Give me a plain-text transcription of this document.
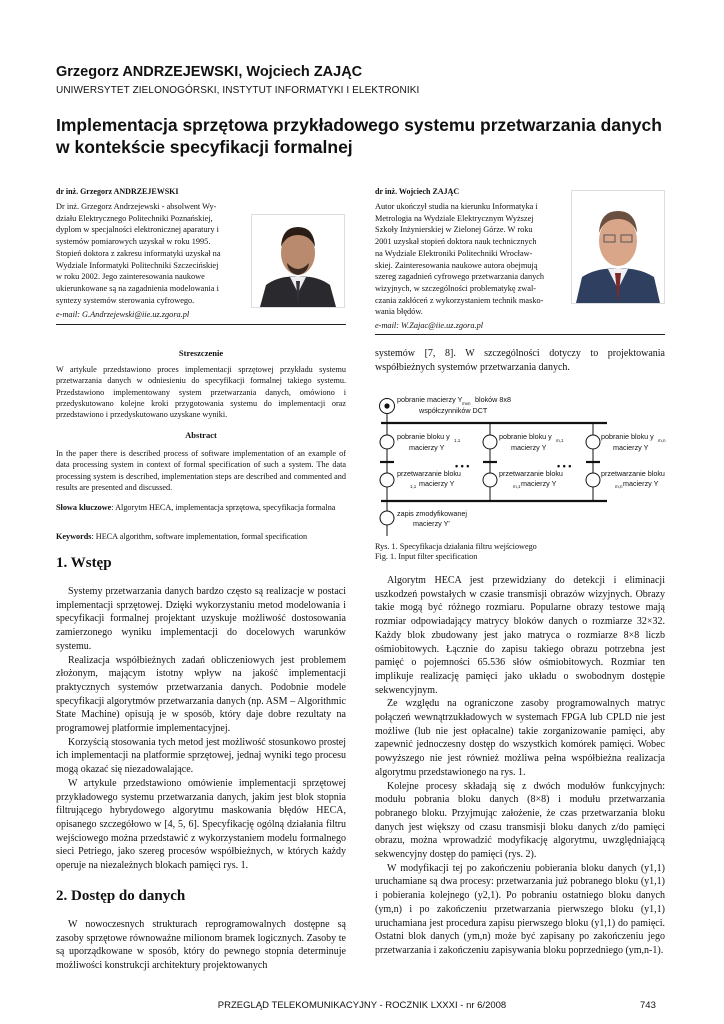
Grzegorz ANDRZEJEWSKI, Wojciech ZAJĄC
UNIWERSYTET ZIELONOGÓRSKI, INSTYTUT INFORMATYKI I ELEKTRONIKI
Implementacja sprzętowa przykładowego systemu przetwarzania danych
w kontekście specyfikacji formalnej
dr inż. Grzegorz ANDRZEJEWSKI
Dr inż. Grzegorz Andrzejewski - absolwent Wy-
działu Elektrycznego Politechniki Poznańskiej,
dyplom w specjalności elektronicznej aparatury i
systemów pomiarowych uzyskał w roku 1995.
Stopień doktora z zakresu informatyki uzyskał na
Wydziale Informatyki Politechniki Szczecińskiej
w roku 2002. Jego zainteresowania naukowe
ukierunkowane są na zagadnienia modelowania i
syntezy systemów sterowania cyfrowego.
e-mail: G.Andrzejewski@iie.uz.zgora.pl
dr inż. Wojciech ZAJĄC
Autor ukończył studia na kierunku Informatyka i
Metrologia na Wydziale Elektrycznym Wyższej
Szkoły Inżynierskiej w Zielonej Górze. W roku
2001 uzyskał stopień doktora nauk technicznych
na Wydziale Elektroniki Politechniki Wrocław-
skiej. Zainteresowania naukowe autora obejmują
szereg zagadnień cyfrowego przetwarzania danych
wizyjnych, w szczególności problematykę zwal-
czania zakłóceń z wykorzystaniem technik masko-
wania błędów.
e-mail: W.Zajac@iie.uz.zgora.pl
Streszczenie

W artykule przedstawiono proces implementacji sprzętowej przykładu systemu przetwarzania danych w odniesieniu do specyfikacji formalnej takiego systemu. Przedstawiono implementowany system przetwarzania danych, omówiono i przedyskutowano kolejne kroki przygotowania systemu do implementacji oraz przedstawiono i przedyskutowano uzyskane wyniki.

Abstract

In the paper there is described process of software implementation of an example of data processing system in context of formal specification of such a system. The data processing system is described, implementation steps are described and commented and results are presented and discussed.

Słowa kluczowe: Algorytm HECA, implementacja sprzętowa, specyfikacja formalna
Keywords: HECA algorithm, software implementation, formal specification
1. Wstęp

Systemy przetwarzania danych bardzo często są realizacje w postaci implementacji sprzętowej. Dzięki wykorzystaniu metod modelowania i specyfikacji formalnej projektant uzyskuje możliwość dostosowania zamierzonego wyniku implementacji do docelowych warunków systemu.

Realizacja współbieżnych zadań obliczeniowych jest problemem złożonym, mającym istotny wpływ na jakość implementacji praktycznych systemów przetwarzania danych. Podobnie modele specyfikacji algorytmów przetwarzania danych (np. ASM – Algorithmic State Machine) opisują je w sposób, który daje dobre rezultaty na programowej platformie implementacyjnej.

Korzyścią stosowania tych metod jest możliwość stosunkowo prostej ich implementacji na platformie sprzętowej, jednaj wyniki tego procesu mogą okazać się niezadowalające.

W artykule przedstawiono omówienie implementacji sprzętowej przykładowego systemu przetwarzania danych, jakim jest blok stopnia filtrującego hybrydowego algorytmu maskowania błędów HECA, opisanego szczegółowo w [4, 5, 6]. Specyfikację ogólną działania filtru wejściowego można przedstawić z wykorzystaniem modelu formalnego sieci Petriego, jako szereg procesów współbieżnych, w których każdy operuje na niezależnych blokach pamięci rys. 1.

2. Dostęp do danych

W nowoczesnych strukturach reprogramowalnych dostępne są zasoby sprzętowe równoważne milionom bramek logicznych. Zasoby te są uporządkowane w sposób, który do pewnego stopnia determinuje możliwości konstrukcji architektury projektowanych

systemów [7, 8]. W szczególności dotyczy to projektowania współbieżnych systemów przetwarzania danych.

pobranie macierzy Y mxn bloków 8x8
współczynników DCT
pobranie bloku y 1,1
macierzy Y
przetwarzanie bloku
1,1 macierzy Y
pobranie bloku y m,1
macierzy Y
przetwarzanie bloku
m,1 macierzy Y
pobranie bloku y m,n
macierzy Y
przetwarzanie bloku
m,n macierzy Y
• • •	• • •
zapis zmodyfikowanej
macierzy Y'
Rys. 1. Specyfikacja działania filtru wejściowego
Fig. 1. Input filter specification

Algorytm HECA jest przewidziany do detekcji i eliminacji uszkodzeń powstałych w czasie transmisji obrazów wizyjnych. Obrazy takie mogą być różnego rozmiaru. Popularne obrazy testowe mają rozmiar odpowiadający matrycy bloków danych o rozmiarze 32×32. Każdy blok zbudowany jest jako matryca o rozmiarze 8×8 liczb ośmiobitowych. Łącznie do zapisu takiego obrazu potrzebna jest pamięć o pojemności 65.536 słów ośmiobitowych. Rozmiar ten implikuje realizację pamięci jako układu o swobodnym dostępie sekwencyjnym.

Ze względu na ograniczone zasoby programowalnych matryc połączeń wewnątrzukładowych w systemach FPGA lub CPLD nie jest możliwe (lub nie jest opłacalne) takie zorganizowanie pamięci, aby zapewnić jednoczesny dostęp do wszystkich komórek pamięci. Wobec powyższego nie jest również możliwa pełna współbieżna realizacja algorytmu przedstawionego na rys. 1.

Kolejne procesy składają się z dwóch modułów funkcyjnych: modułu pobrania bloku danych (8×8) i modułu przetwarzania pobranego bloku. Przyjmując założenie, że czas przetwarzania bloku danych jest większy od czasu transmisji bloku danych z/do pamięci obrazu, można wprowadzić modyfikację algorytmu, uwzględniającą sekwencyjny dostęp do pamięci (rys. 2).

W modyfikacji tej po zakończeniu pobierania bloku danych (y1,1) uruchamiane są dwa procesy: przetwarzania już pobranego bloku (y1,1) i pobierania kolejnego (y2,1). Po pobraniu ostatniego bloku danych (ym,n) i po zakończeniu przetwarzania pierwszego bloku (y1,1) uruchamiana jest procedura zapisu pierwszego bloku (y1,1) do pamięci. Ostatni blok danych (ym,n) może być zapisany po zakończeniu jego przetwarzania i zakończeniu zapisywania bloku poprzedniego (ym,n-1).

PRZEGLĄD TELEKOMUNIKACYJNY - ROCZNIK LXXXI - nr 6/2008	743
